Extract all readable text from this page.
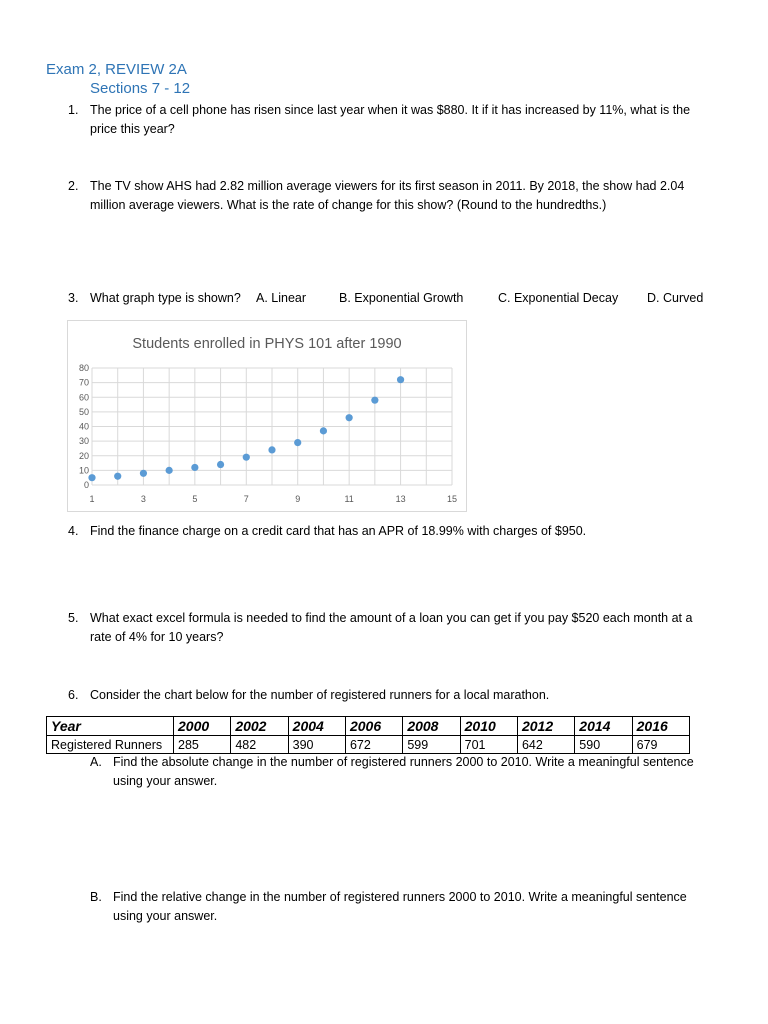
Exam 2, REVIEW 2A
Sections 7 - 12
1. The price of a cell phone has risen since last year when it was $880. It if it has increased by 11%, what is the price this year?
2. The TV show AHS had 2.82 million average viewers for its first season in 2011. By 2018, the show had 2.04 million average viewers. What is the rate of change for this show? (Round to the hundredths.)
3. What graph type is shown? A. Linear	B. Exponential Growth	C. Exponential Decay D. Curved
Students enrolled in PHYS 101 after 1990
0
10
20
30
40
50
60
70
80
1	3	5	7	9	11	13	15
4. Find the finance charge on a credit card that has an APR of 18.99% with charges of $950.
5. What exact excel formula is needed to find the amount of a loan you can get if you pay $520 each month at a rate of 4% for 10 years?
6. Consider the chart below for the number of registered runners for a local marathon.
Year	2000	2002	2004	2006	2008	2010	2012	2014	2016
Registered Runners	285	482	390	672	599	701	642	590	679
A. Find the absolute change in the number of registered runners 2000 to 2010. Write a meaningful sentence using your answer.
B. Find the relative change in the number of registered runners 2000 to 2010. Write a meaningful sentence using your answer.
